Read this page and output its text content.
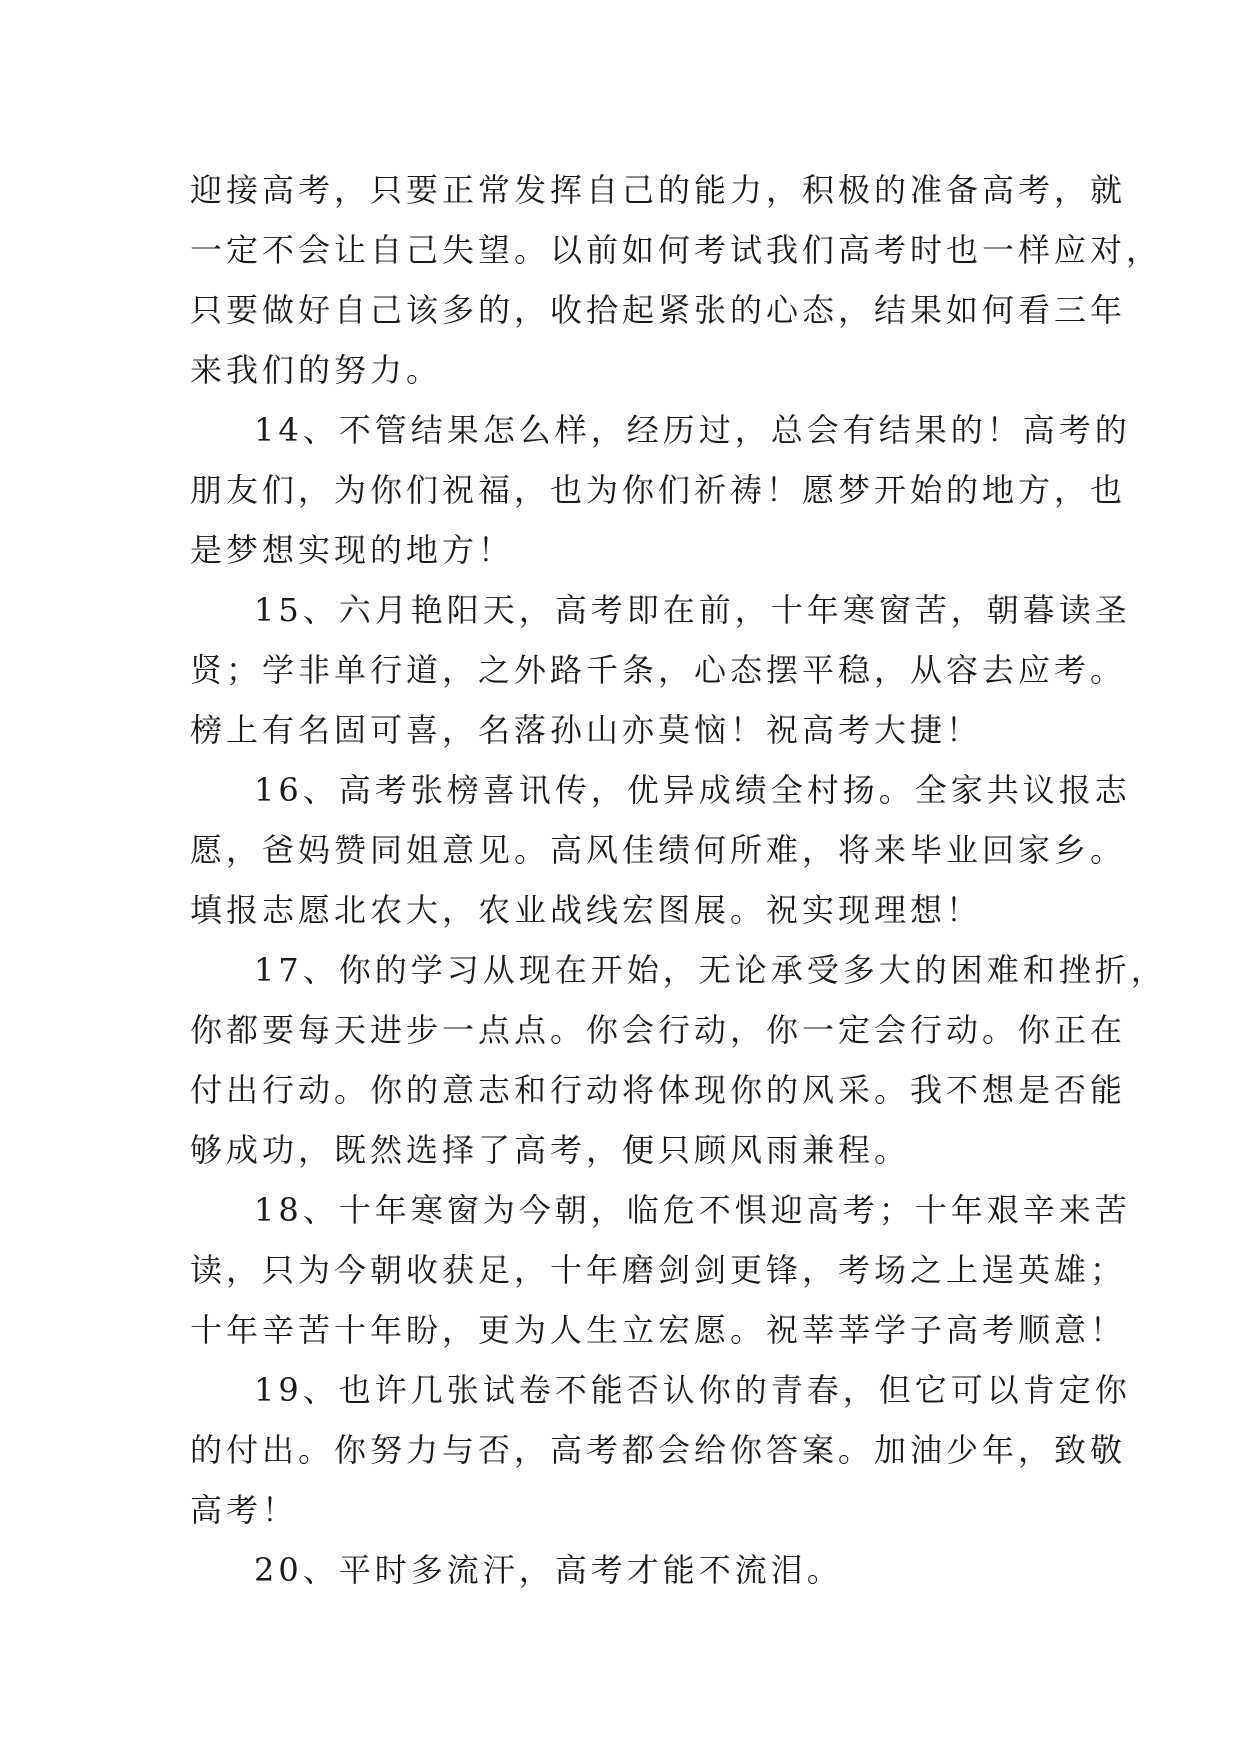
迎接高考，只要正常发挥自己的能力，积极的准备高考，就
一定不会让自己失望。以前如何考试我们高考时也一样应对，
只要做好自己该多的，收拾起紧张的心态，结果如何看三年
来我们的努力。
14、不管结果怎么样，经历过，总会有结果的！高考的
朋友们，为你们祝福，也为你们祈祷！愿梦开始的地方，也
是梦想实现的地方！
15、六月艳阳天，高考即在前，十年寒窗苦，朝暮读圣
贤；学非单行道，之外路千条，心态摆平稳，从容去应考。
榜上有名固可喜，名落孙山亦莫恼！祝高考大捷！
16、高考张榜喜讯传，优异成绩全村扬。全家共议报志
愿，爸妈赞同姐意见。高风佳绩何所难，将来毕业回家乡。
填报志愿北农大，农业战线宏图展。祝实现理想！
17、你的学习从现在开始，无论承受多大的困难和挫折，
你都要每天进步一点点。你会行动，你一定会行动。你正在
付出行动。你的意志和行动将体现你的风采。我不想是否能
够成功，既然选择了高考，便只顾风雨兼程。
18、十年寒窗为今朝，临危不惧迎高考；十年艰辛来苦
读，只为今朝收获足，十年磨剑剑更锋，考场之上逞英雄；
十年辛苦十年盼，更为人生立宏愿。祝莘莘学子高考顺意！
19、也许几张试卷不能否认你的青春，但它可以肯定你
的付出。你努力与否，高考都会给你答案。加油少年，致敬
高考！
20、平时多流汗，高考才能不流泪。
